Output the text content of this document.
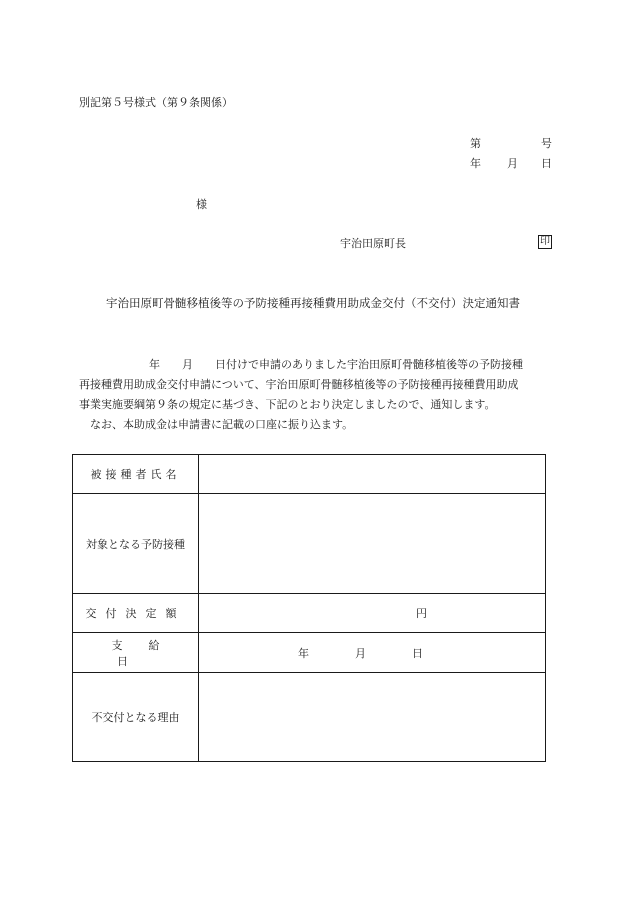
別記第５号様式（第９条関係）
第	号
年 月 日
様
宇治田原町長	印
宇治田原町骨髄移植後等の予防接種再接種費用助成金交付（不交付）決定通知書
年 月 日付けで申請のありました宇治田原町骨髄移植後等の予防接種
再接種費用助成金交付申請について、宇治田原町骨髄移植後等の予防接種再接種費用助成
事業実施要綱第９条の規定に基づき、下記のとおり決定しましたので、通知します。
なお、本助成金は申請書に記載の口座に振り込ます。
被接種者氏名	
対象となる予防接種	
交付決定額	円

支給日	年 月 日

不交付となる理由	
